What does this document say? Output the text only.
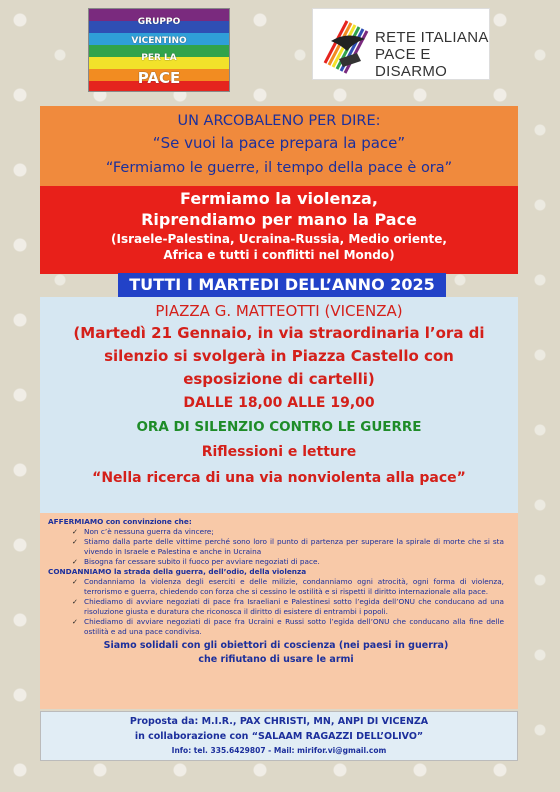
GRUPPO
VICENTINO
PER LA
PACE
RETE ITALIANA
PACE E DISARMO
UN ARCOBALENO PER DIRE:
“Se vuoi la pace prepara la pace”
“Fermiamo le guerre, il tempo della pace è ora”
Fermiamo la violenza,
Riprendiamo per mano la Pace
(Israele-Palestina, Ucraina-Russia, Medio oriente,
Africa e tutti i conflitti nel Mondo)
TUTTI I MARTEDI DELL’ANNO 2025
PIAZZA G. MATTEOTTI (VICENZA)
(Martedì 21 Gennaio, in via straordinaria l’ora di
silenzio si svolgerà in Piazza Castello con
esposizione di cartelli)
DALLE 18,00 ALLE 19,00
ORA DI SILENZIO CONTRO LE GUERRE
Riflessioni e letture
“Nella ricerca di una via nonviolenta alla pace”
AFFERMIAMO con convinzione che:
✓ Non c’è nessuna guerra da vincere;
✓ Stiamo dalla parte delle vittime perché sono loro il punto di partenza per superare la spirale di morte che si sta vivendo in Israele e Palestina e anche in Ucraina
✓ Bisogna far cessare subito il fuoco per avviare negoziati di pace.
CONDANNIAMO la strada della guerra, dell’odio, della violenza
✓ Condanniamo la violenza degli eserciti e delle milizie, condanniamo ogni atrocità, ogni forma di violenza, terrorismo e guerra, chiedendo con forza che si cessino le ostilità e si rispetti il diritto internazionale alla pace.
✓ Chiediamo di avviare negoziati di pace fra Israeliani e Palestinesi sotto l’egida dell’ONU che conducano ad una risoluzione giusta e duratura che riconosca il diritto di esistere di entrambi i popoli.
✓ Chiediamo di avviare negoziati di pace fra Ucraini e Russi sotto l’egida dell’ONU che conducano alla fine delle ostilità e ad una pace condivisa.
Siamo solidali con gli obiettori di coscienza (nei paesi in guerra)
che rifiutano di usare le armi
Proposta da: M.I.R., PAX CHRISTI, MN, ANPI DI VICENZA
in collaborazione con “SALAAM RAGAZZI DELL’OLIVO”
Info: tel. 335.6429807 - Mail: mirifor.vi@gmail.com
